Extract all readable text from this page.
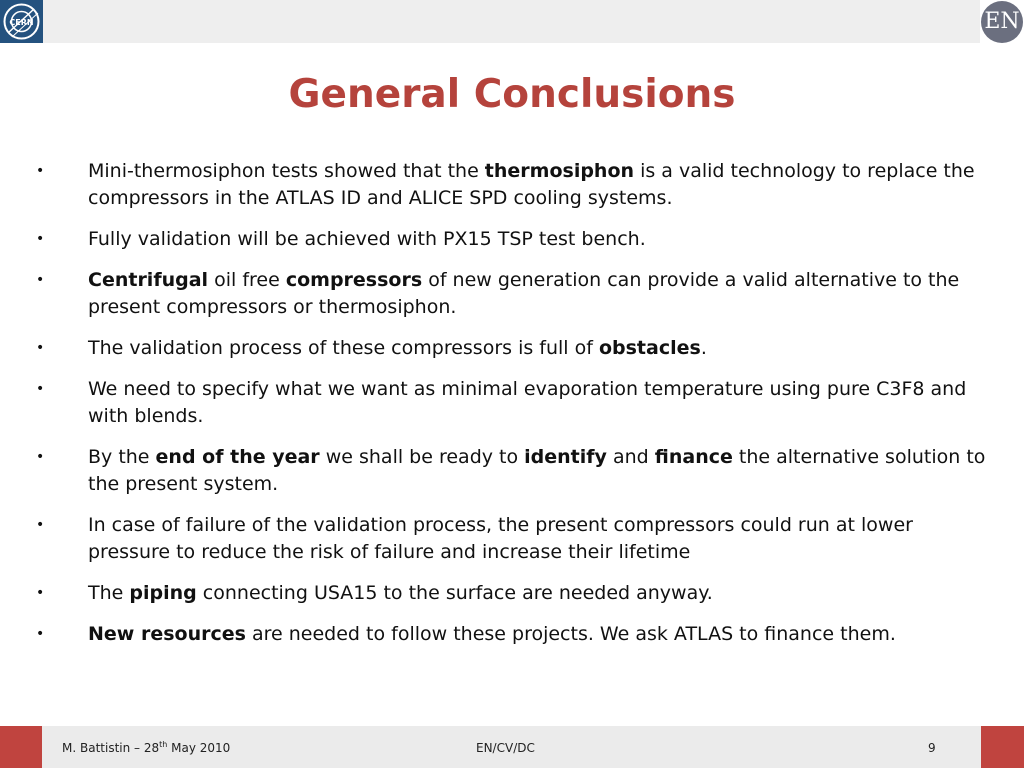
CERN	EN
General Conclusions
• Mini-thermosiphon tests showed that the thermosiphon is a valid technology to replace the compressors in the ATLAS ID and ALICE SPD cooling systems.
• Fully validation will be achieved with PX15 TSP test bench.
• Centrifugal oil free compressors of new generation can provide a valid alternative to the present compressors or thermosiphon.
• The validation process of these compressors is full of obstacles.
• We need to specify what we want as minimal evaporation temperature using pure C3F8 and with blends.
• By the end of the year we shall be ready to identify and finance the alternative solution to the present system.
• In case of failure of the validation process, the present compressors could run at lower pressure to reduce the risk of failure and increase their lifetime
• The piping connecting USA15 to the surface are needed anyway.
• New resources are needed to follow these projects. We ask ATLAS to finance them.
M. Battistin – 28th May 2010	EN/CV/DC	9
